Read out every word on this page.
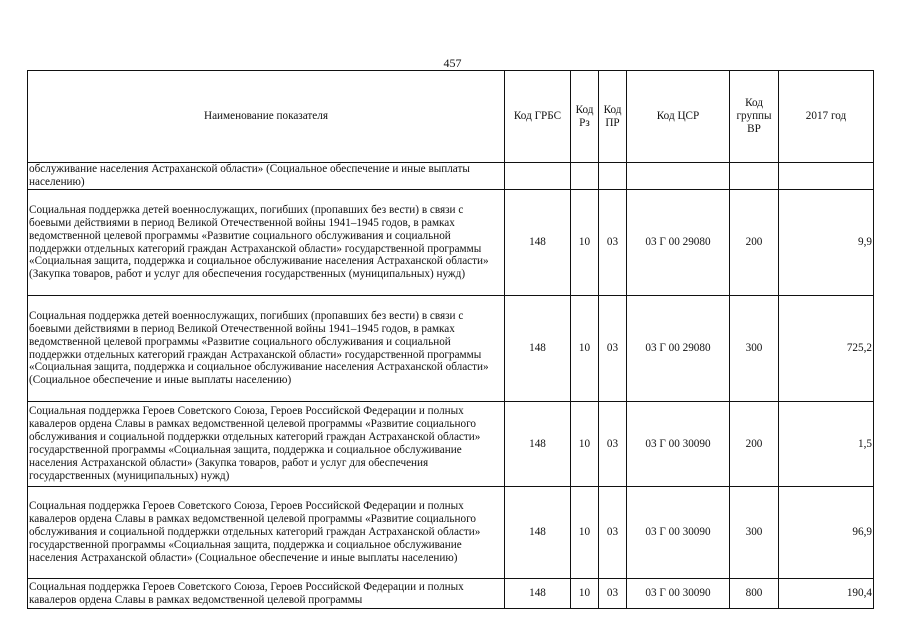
457
Наименование показателя	Код ГРБС	Код Рз	Код ПР	Код ЦСР	Код группы ВР	2017 год
обслуживание населения Астраханской области» (Социальное обеспечение и иные выплаты населению)						
Социальная поддержка детей военнослужащих, погибших (пропавших без вести) в связи с боевыми действиями в период Великой Отечественной войны 1941–1945 годов, в рамках ведомственной целевой программы «Развитие социального обслуживания и социальной поддержки отдельных категорий граждан Астраханской области» государственной программы «Социальная защита, поддержка и социальное обслуживание населения Астраханской области» (Закупка товаров, работ и услуг для обеспечения государственных (муниципальных) нужд)	148	10	03	03 Г 00 29080	200	9,9
Социальная поддержка детей военнослужащих, погибших (пропавших без вести) в связи с боевыми действиями в период Великой Отечественной войны 1941–1945 годов, в рамках ведомственной целевой программы «Развитие социального обслуживания и социальной поддержки отдельных категорий граждан Астраханской области» государственной программы «Социальная защита, поддержка и социальное обслуживание населения Астраханской области» (Социальное обеспечение и иные выплаты населению)	148	10	03	03 Г 00 29080	300	725,2
Социальная поддержка Героев Советского Союза, Героев Российской Федерации и полных кавалеров ордена Славы в рамках ведомственной целевой программы «Развитие социального обслуживания и социальной поддержки отдельных категорий граждан Астраханской области» государственной программы «Социальная защита, поддержка и социальное обслуживание населения Астраханской области» (Закупка товаров, работ и услуг для обеспечения государственных (муниципальных) нужд)	148	10	03	03 Г 00 30090	200	1,5
Социальная поддержка Героев Советского Союза, Героев Российской Федерации и полных кавалеров ордена Славы в рамках ведомственной целевой программы «Развитие социального обслуживания и социальной поддержки отдельных категорий граждан Астраханской области» государственной программы «Социальная защита, поддержка и социальное обслуживание населения Астраханской области» (Социальное обеспечение и иные выплаты населению)	148	10	03	03 Г 00 30090	300	96,9
Социальная поддержка Героев Советского Союза, Героев Российской Федерации и полных кавалеров ордена Славы в рамках ведомственной целевой программы	148	10	03	03 Г 00 30090	800	190,4
